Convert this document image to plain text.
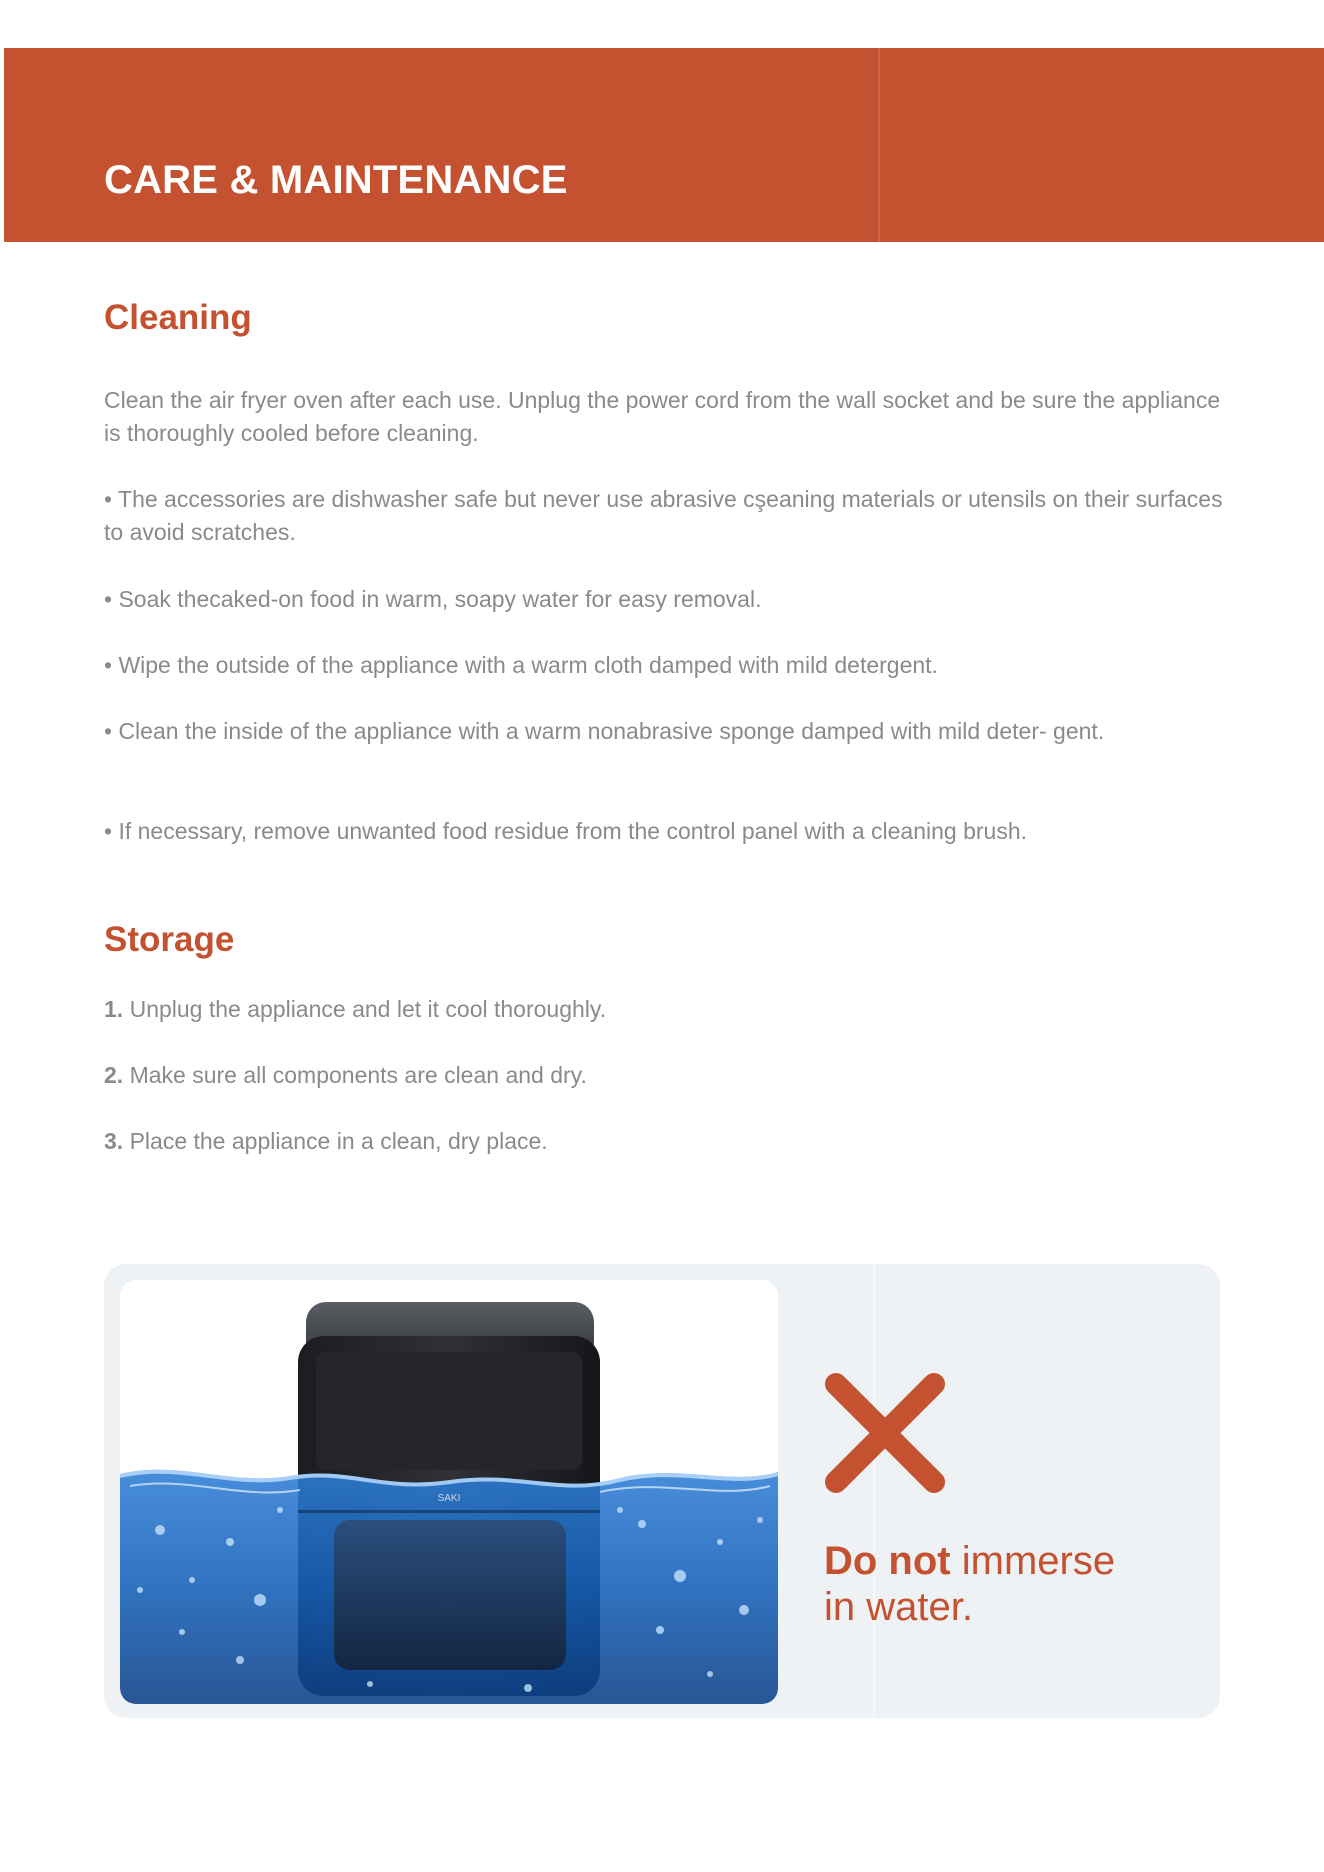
CARE & MAINTENANCE
Cleaning

Clean the air fryer oven after each use. Unplug the power cord from the wall socket and be sure the appliance is thoroughly cooled before cleaning.

• The accessories are dishwasher safe but never use abrasive cşeaning materials or utensils on their surfaces to avoid scratches.

• Soak thecaked-on food in warm, soapy water for easy removal.

• Wipe the outside of the appliance with a warm cloth damped with mild detergent.

• Clean the inside of the appliance with a warm nonabrasive sponge damped with mild deter- gent.

• If necessary, remove unwanted food residue from the control panel with a cleaning brush.

Storage

1. Unplug the appliance and let it cool thoroughly.

2. Make sure all components are clean and dry.

3. Place the appliance in a clean, dry place.

SAKI

Do not immerse
in water.
